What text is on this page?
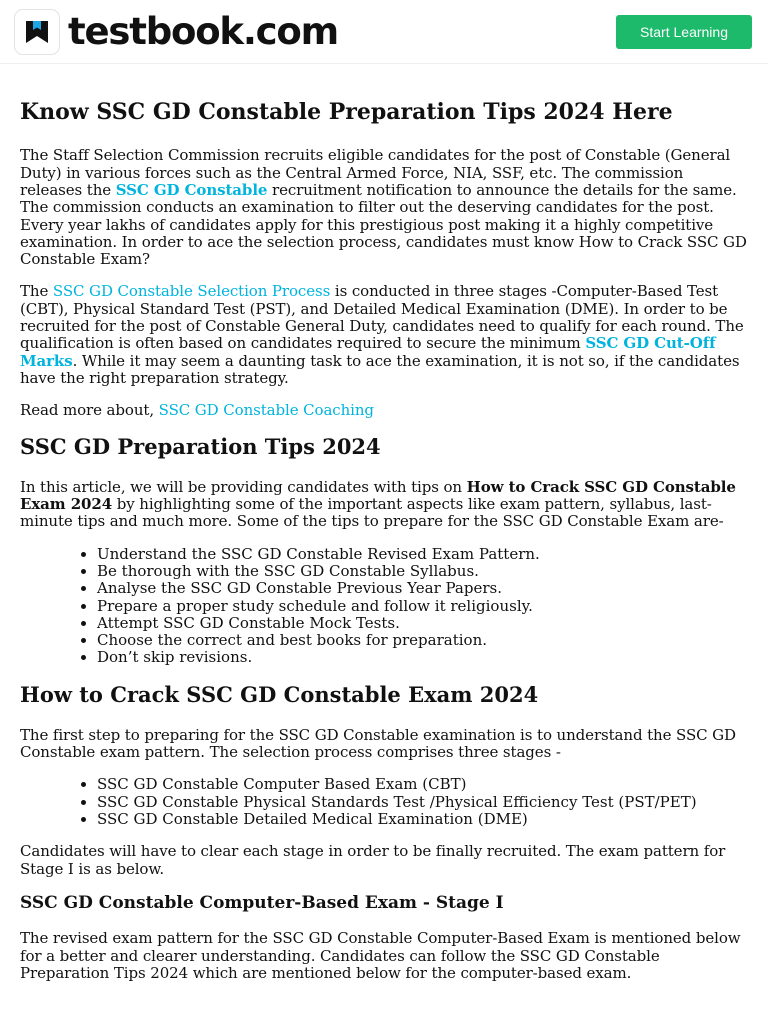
testbook.com	Start Learning
Know SSC GD Constable Preparation Tips 2024 Here

The Staff Selection Commission recruits eligible candidates for the post of Constable (General Duty) in various forces such as the Central Armed Force, NIA, SSF, etc. The commission releases the SSC GD Constable recruitment notification to announce the details for the same. The commission conducts an examination to filter out the deserving candidates for the post. Every year lakhs of candidates apply for this prestigious post making it a highly competitive examination. In order to ace the selection process, candidates must know How to Crack SSC GD Constable Exam?

The SSC GD Constable Selection Process is conducted in three stages -Computer-Based Test (CBT), Physical Standard Test (PST), and Detailed Medical Examination (DME). In order to be recruited for the post of Constable General Duty, candidates need to qualify for each round. The qualification is often based on candidates required to secure the minimum SSC GD Cut-Off Marks. While it may seem a daunting task to ace the examination, it is not so, if the candidates have the right preparation strategy.

Read more about, SSC GD Constable Coaching

SSC GD Preparation Tips 2024

In this article, we will be providing candidates with tips on How to Crack SSC GD Constable Exam 2024 by highlighting some of the important aspects like exam pattern, syllabus, last-minute tips and much more. Some of the tips to prepare for the SSC GD Constable Exam are-

• Understand the SSC GD Constable Revised Exam Pattern.
• Be thorough with the SSC GD Constable Syllabus.
• Analyse the SSC GD Constable Previous Year Papers.
• Prepare a proper study schedule and follow it religiously.
• Attempt SSC GD Constable Mock Tests.
• Choose the correct and best books for preparation.
• Don’t skip revisions.
How to Crack SSC GD Constable Exam 2024

The first step to preparing for the SSC GD Constable examination is to understand the SSC GD Constable exam pattern. The selection process comprises three stages -

• SSC GD Constable Computer Based Exam (CBT)
• SSC GD Constable Physical Standards Test /Physical Efficiency Test (PST/PET)
• SSC GD Constable Detailed Medical Examination (DME)

Candidates will have to clear each stage in order to be finally recruited. The exam pattern for Stage I is as below.

SSC GD Constable Computer-Based Exam - Stage I

The revised exam pattern for the SSC GD Constable Computer-Based Exam is mentioned below for a better and clearer understanding. Candidates can follow the SSC GD Constable Preparation Tips 2024 which are mentioned below for the computer-based exam.
